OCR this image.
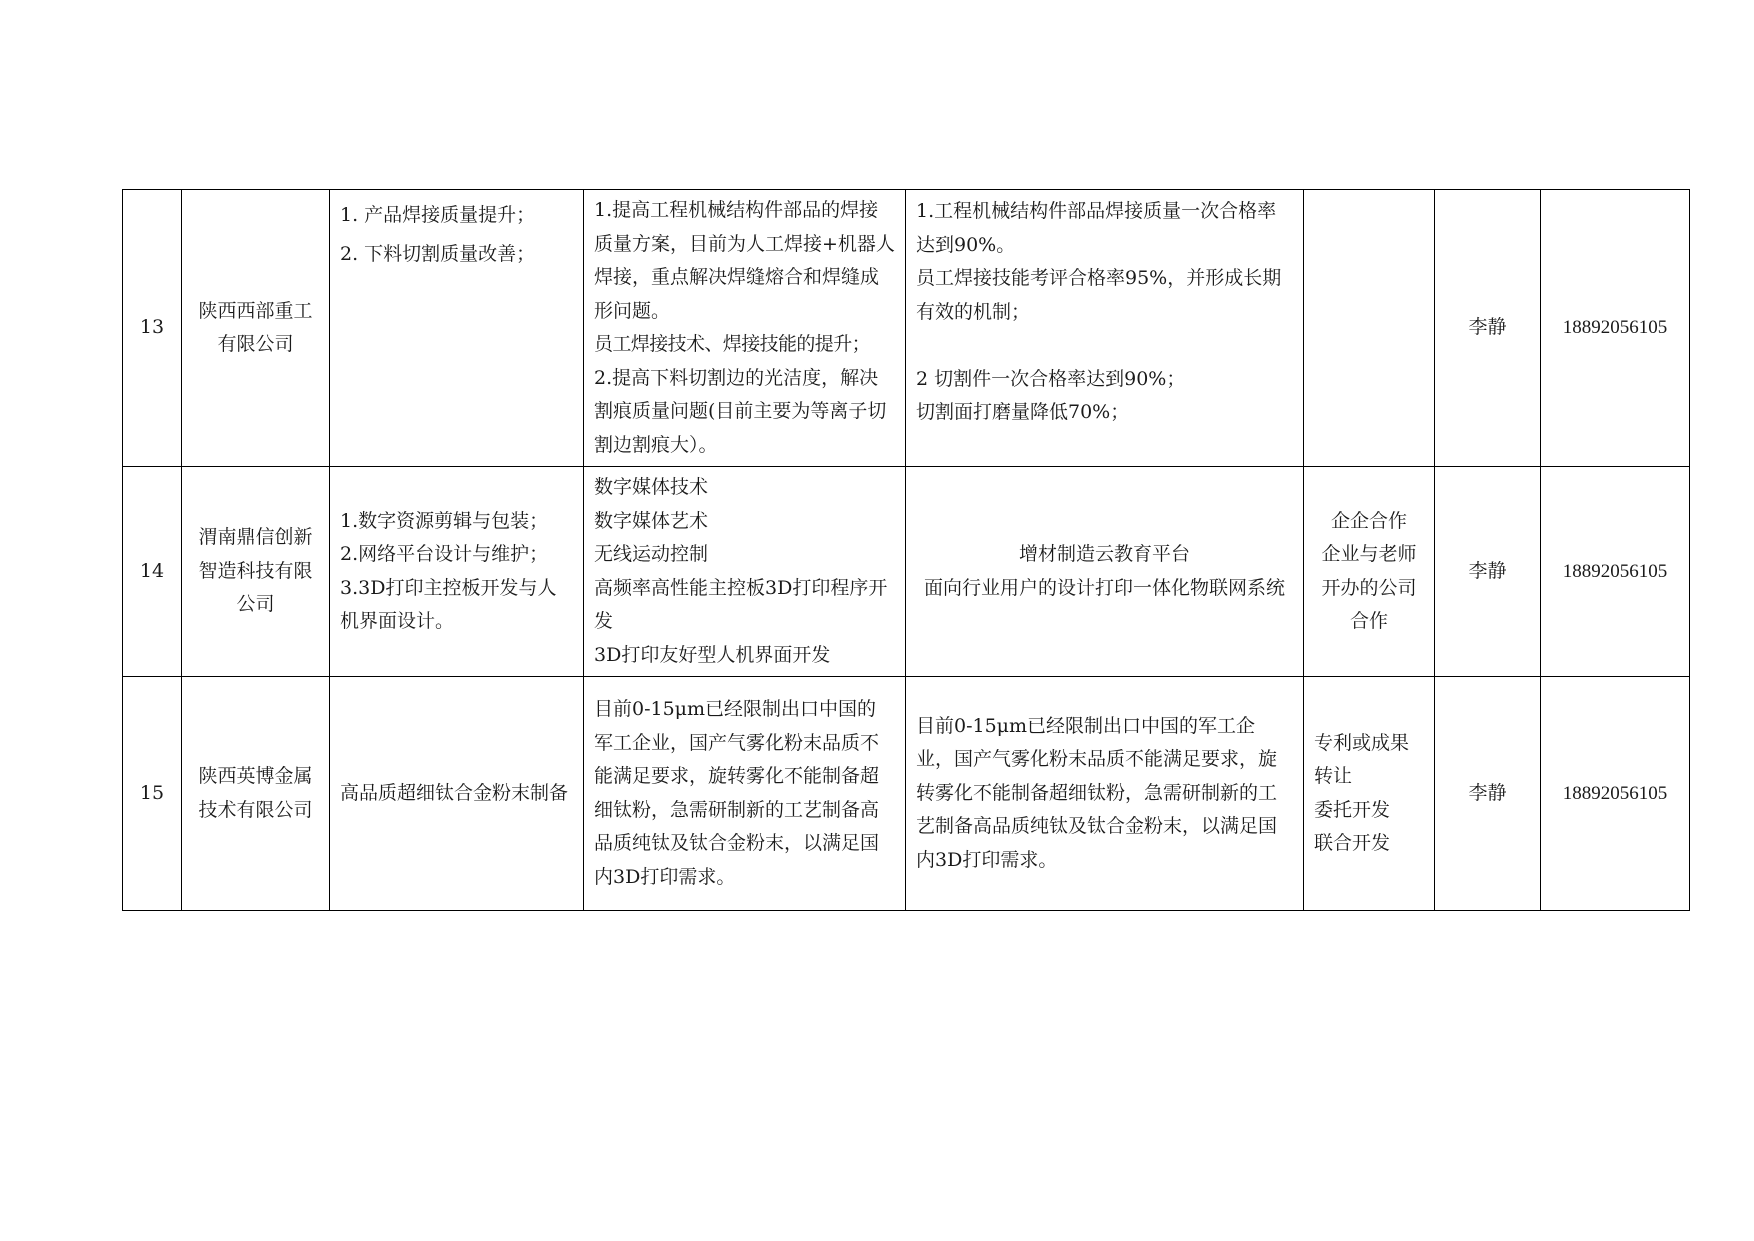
13	陕西西部重工有限公司	1. 产品焊接质量提升；
2. 下料切割质量改善；	1.提高工程机械结构件部品的焊接质量方案，目前为人工焊接+机器人焊接，重点解决焊缝熔合和焊缝成形问题。
员工焊接技术、焊接技能的提升；
2.提高下料切割边的光洁度，解决割痕质量问题(目前主要为等离子切割边割痕大）。	1.工程机械结构件部品焊接质量一次合格率达到90%。
员工焊接技能考评合格率95%，并形成长期有效的机制；
2 切割件一次合格率达到90%；
切割面打磨量降低70%；		李静	18892056105
14	渭南鼎信创新智造科技有限公司	1.数字资源剪辑与包装；
2.网络平台设计与维护；
3.3D打印主控板开发与人机界面设计。	数字媒体技术
数字媒体艺术
无线运动控制
高频率高性能主控板3D打印程序开发
3D打印友好型人机界面开发	增材制造云教育平台
面向行业用户的设计打印一体化物联网系统	企企合作
企业与老师开办的公司合作	李静	18892056105
15	陕西英博金属技术有限公司	高品质超细钛合金粉末制备	目前0-15μm已经限制出口中国的军工企业，国产气雾化粉末品质不能满足要求，旋转雾化不能制备超细钛粉，急需研制新的工艺制备高品质纯钛及钛合金粉末，以满足国内3D打印需求。	目前0-15μm已经限制出口中国的军工企业，国产气雾化粉末品质不能满足要求，旋转雾化不能制备超细钛粉，急需研制新的工艺制备高品质纯钛及钛合金粉末，以满足国内3D打印需求。	专利或成果转让
委托开发
联合开发	李静	18892056105
